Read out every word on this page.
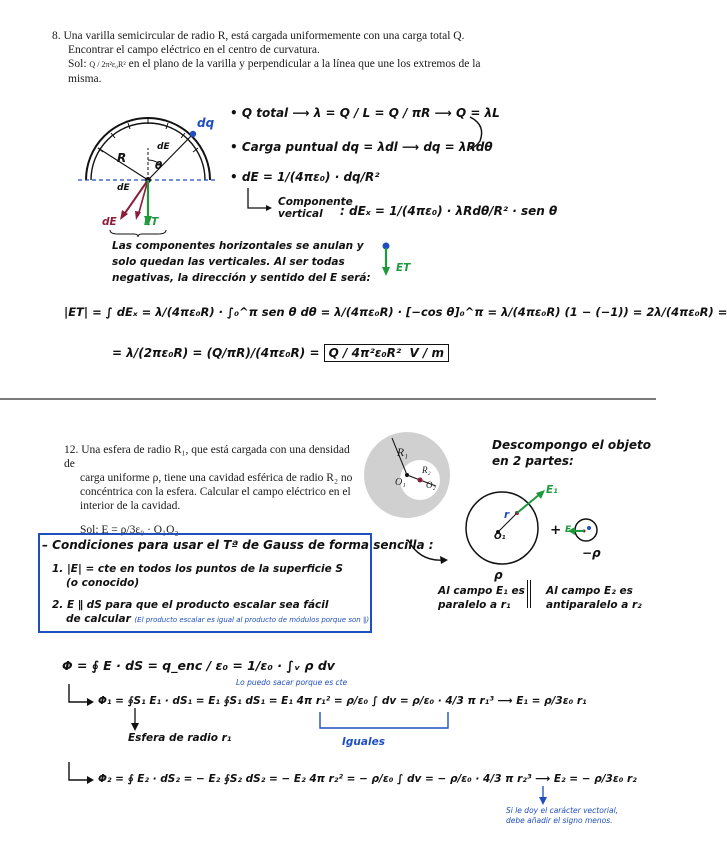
8. Una varilla semicircular de radio R, está cargada uniformemente con una carga total Q.
Encontrar el campo eléctrico en el centro de curvatura.
Sol: Q / 2π²ε₀R² en el plano de la varilla y perpendicular a la línea que une los extremos de la
misma.
dq
R
θ
dE
dE
dE	ET
• Q total ⟶ λ = Q / L = Q / πR ⟶ Q = λL
• Carga puntual dq = λdl ⟶ dq = λRdθ
• dE = 1/(4πε₀) · dq/R²
Componente
vertical	: dEₓ = 1/(4πε₀) · λRdθ/R² · sen θ
Las componentes horizontales se anulan y
solo quedan las verticales. Al ser todas
negativas, la dirección y sentido del E será:
ET
|ET| = ∫ dEₓ = λ/(4πε₀R) · ∫₀^π sen θ dθ = λ/(4πε₀R) · [−cos θ]₀^π = λ/(4πε₀R) (1 − (−1)) = 2λ/(4πε₀R) =
= λ/(2πε₀R) = (Q/πR)/(4πε₀R) = Q / 4π²ε₀R² V / m
12. Una esfera de radio R₁, que está cargada con una densidad de
carga uniforme ρ, tiene una cavidad esférica de radio R₂ no
concéntrica con la esfera. Calcular el campo eléctrico en el
interior de la cavidad.
Sol: E = ρ/3ε₀ · O₁O₂
R₁
R₂
O₁ O₂
Descompongo el objeto
en 2 partes:
E₁
E₂
r
O₁	+
ρ
−ρ
Al campo E₁ es
paralelo a r₁
Al campo E₂ es
antiparalelo a r₂
– Condiciones para usar el Tª de Gauss de forma sencilla :
1. |E| = cte en todos los puntos de la superficie S
(o conocido)
2. E ∥ dS para que el producto escalar sea fácil
de calcular (El producto escalar es igual al producto de módulos porque son ∥)
Φ = ∮ E · dS = q_enc / ε₀ = 1/ε₀ · ∫ᵥ ρ dv
Lo puedo sacar porque es cte
Φ₁ = ∮S₁ E₁ · dS₁ = E₁ ∮S₁ dS₁ = E₁ 4π r₁² = ρ/ε₀ ∫ dv = ρ/ε₀ · 4/3 π r₁³ ⟶ E₁ = ρ/3ε₀ r₁
Esfera de radio r₁	Iguales
Φ₂ = ∮ E₂ · dS₂ = − E₂ ∮S₂ dS₂ = − E₂ 4π r₂² = − ρ/ε₀ ∫ dv = − ρ/ε₀ · 4/3 π r₂³ ⟶ E₂ = − ρ/3ε₀ r₂
Si le doy el carácter vectorial,
debe añadir el signo menos.
